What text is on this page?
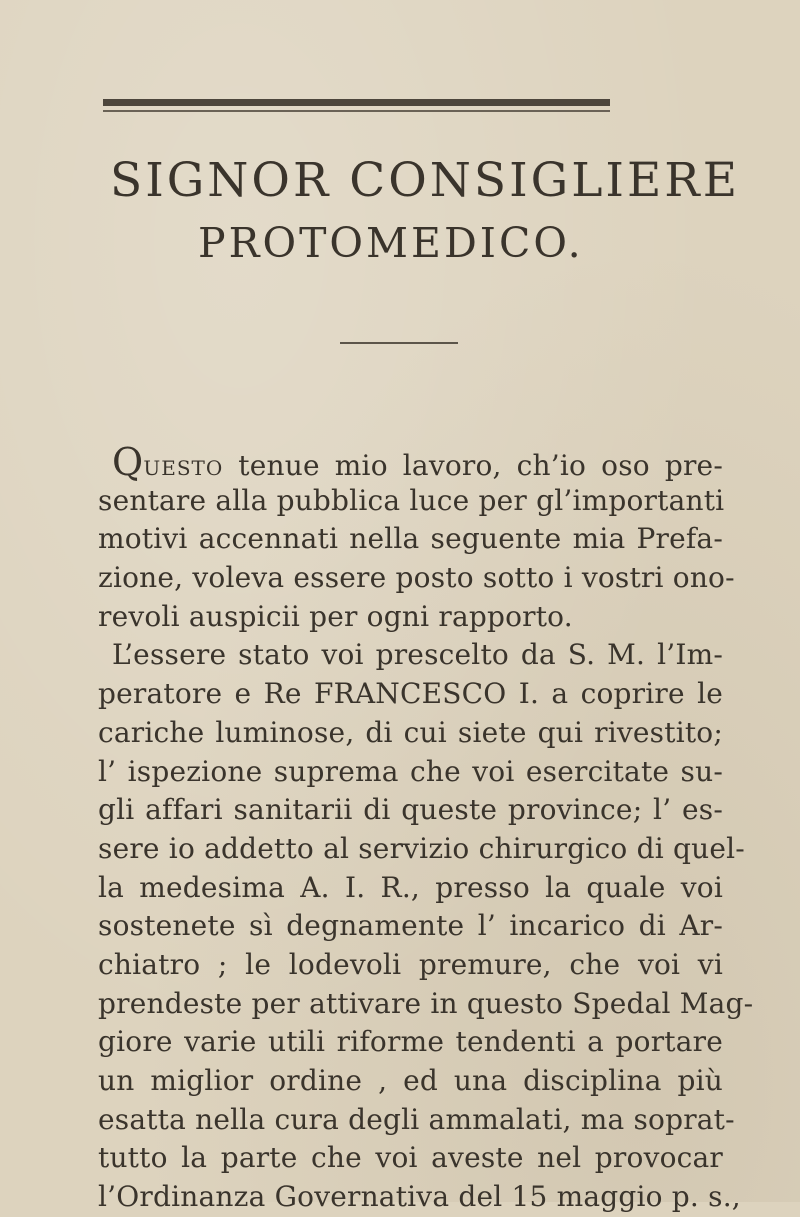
SIGNOR CONSIGLIERE
PROTOMEDICO.
QUESTO tenue mio lavoro, ch’io oso pre-
sentare alla pubblica luce per gl’importanti
motivi accennati nella seguente mia Prefa-
zione, voleva essere posto sotto i vostri ono-
revoli auspicii per ogni rapporto.
L’essere stato voi prescelto da S. M. l’Im-
peratore e Re FRANCESCO I. a coprire le
cariche luminose, di cui siete qui rivestito;
l’ ispezione suprema che voi esercitate su-
gli affari sanitarii di queste province; l’ es-
sere io addetto al servizio chirurgico di quel-
la medesima A. I. R., presso la quale voi
sostenete sì degnamente l’ incarico di Ar-
chiatro ; le lodevoli premure, che voi vi
prendeste per attivare in questo Spedal Mag-
giore varie utili riforme tendenti a portare
un miglior ordine , ed una disciplina più
esatta nella cura degli ammalati, ma soprat-
tutto la parte che voi aveste nel provocar
l’Ordinanza Governativa del 15 maggio p. s.,
